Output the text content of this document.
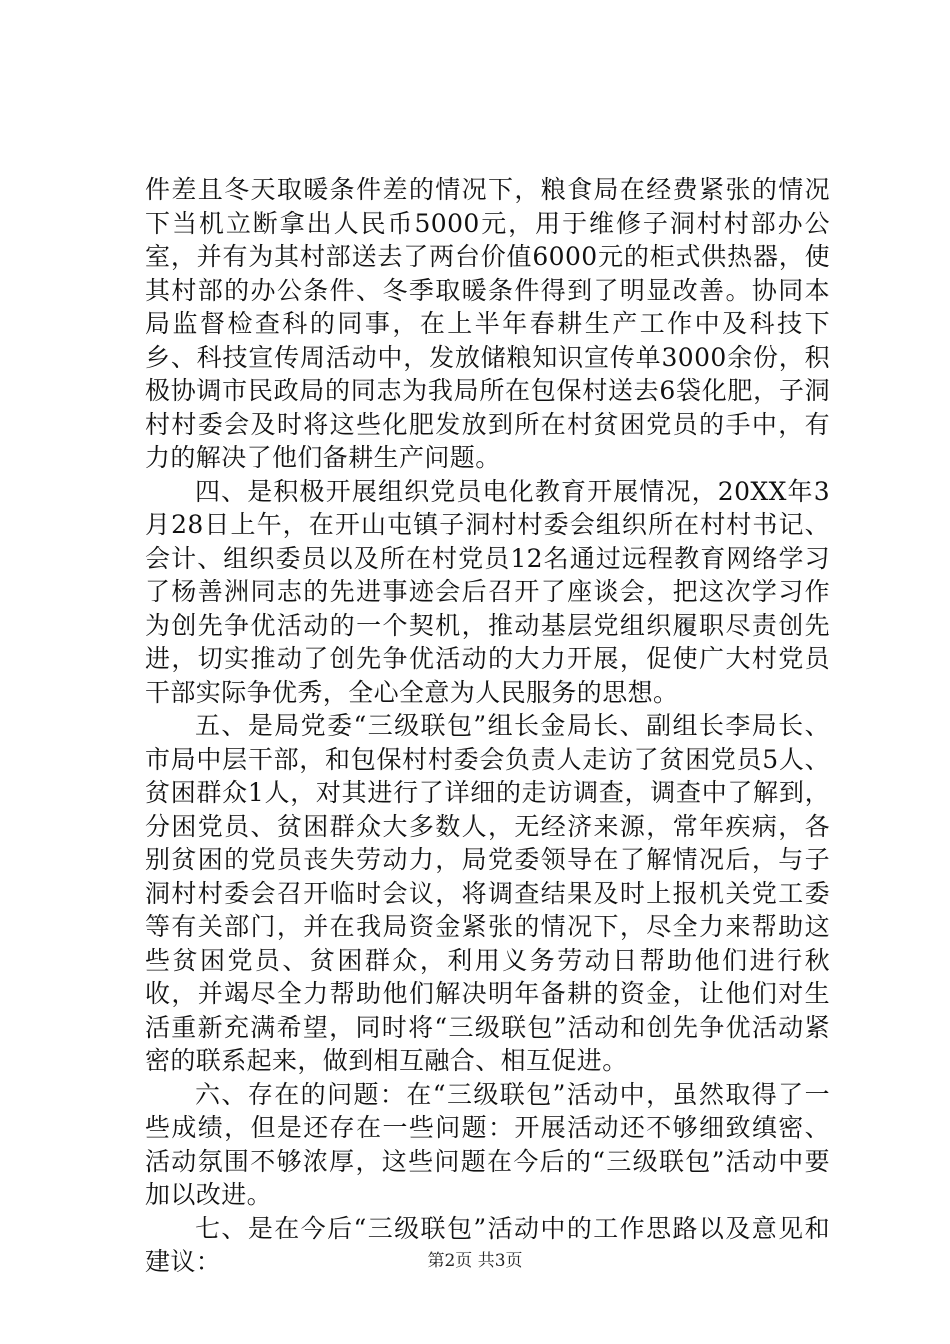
件差且冬天取暖条件差的情况下，粮食局在经费紧张的情况下当机立断拿出人民币5000元，用于维修子洞村村部办公室，并有为其村部送去了两台价值6000元的柜式供热器，使其村部的办公条件、冬季取暖条件得到了明显改善。协同本局监督检查科的同事，在上半年春耕生产工作中及科技下乡、科技宣传周活动中，发放储粮知识宣传单3000余份，积极协调市民政局的同志为我局所在包保村送去6袋化肥，子洞村村委会及时将这些化肥发放到所在村贫困党员的手中，有力的解决了他们备耕生产问题。

四、是积极开展组织党员电化教育开展情况，20XX年3月28日上午，在开山屯镇子洞村村委会组织所在村村书记、会计、组织委员以及所在村党员12名通过远程教育网络学习了杨善洲同志的先进事迹会后召开了座谈会，把这次学习作为创先争优活动的一个契机，推动基层党组织履职尽责创先进，切实推动了创先争优活动的大力开展，促使广大村党员干部实际争优秀，全心全意为人民服务的思想。

五、是局党委“三级联包”组长金局长、副组长李局长、市局中层干部，和包保村村委会负责人走访了贫困党员5人、贫困群众1人，对其进行了详细的走访调查，调查中了解到，分困党员、贫困群众大多数人，无经济来源，常年疾病，各别贫困的党员丧失劳动力，局党委领导在了解情况后，与子洞村村委会召开临时会议，将调查结果及时上报机关党工委等有关部门，并在我局资金紧张的情况下，尽全力来帮助这些贫困党员、贫困群众，利用义务劳动日帮助他们进行秋收，并竭尽全力帮助他们解决明年备耕的资金，让他们对生活重新充满希望，同时将“三级联包”活动和创先争优活动紧密的联系起来，做到相互融合、相互促进。

六、存在的问题：在“三级联包”活动中，虽然取得了一些成绩，但是还存在一些问题：开展活动还不够细致缜密、活动氛围不够浓厚，这些问题在今后的“三级联包”活动中要加以改进。

七、是在今后“三级联包”活动中的工作思路以及意见和建议：	第2页 共3页
